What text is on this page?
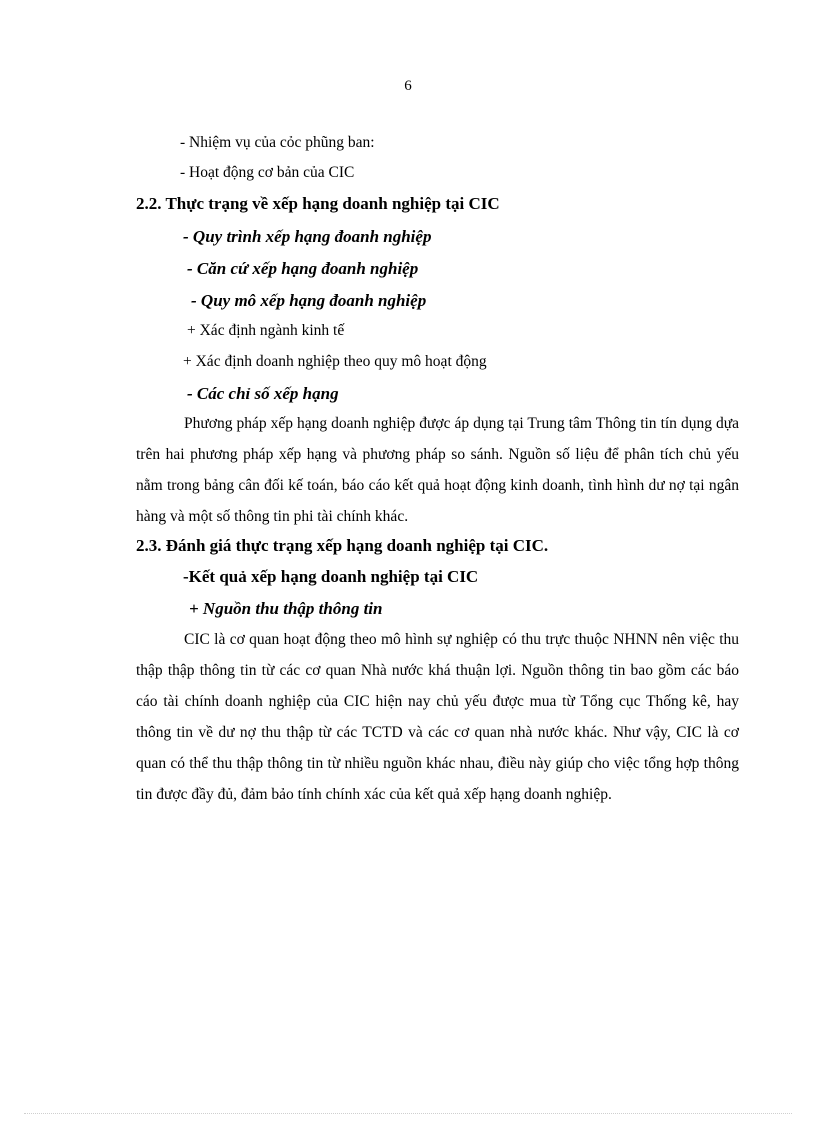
6
- Nhiệm vụ của cỏc phũng ban:
- Hoạt động cơ bản của CIC
2.2. Thực trạng về xếp hạng doanh nghiệp tại CIC
- Quy trình xếp hạng đoanh nghiệp
- Căn cứ xếp hạng đoanh nghiệp
- Quy mô xếp hạng đoanh nghiệp
+ Xác định ngành kinh tế
+ Xác định doanh nghiệp theo quy mô hoạt động
- Các chỉ số xếp hạng
Phương pháp xếp hạng doanh nghiệp được áp dụng tại Trung tâm Thông tin tín dụng dựa trên hai phương pháp xếp hạng và phương pháp so sánh. Nguồn số liệu để phân tích chủ yếu nằm trong bảng cân đối kế toán, báo cáo kết quả hoạt động kinh doanh, tình hình dư nợ tại ngân hàng và một số thông tin phi tài chính khác.
2.3. Đánh giá thực trạng xếp hạng doanh nghiệp tại CIC.
-Kết quả xếp hạng doanh nghiệp tại CIC
+ Nguồn thu thập thông tin
CIC là cơ quan hoạt động theo mô hình sự nghiệp có thu trực thuộc NHNN nên việc thu thập thập thông tin từ các cơ quan Nhà nước khá thuận lợi. Nguồn thông tin bao gồm các báo cáo tài chính doanh nghiệp của CIC hiện nay chủ yếu được mua từ Tổng cục Thống kê, hay thông tin về dư nợ thu thập từ các TCTD và các cơ quan nhà nước khác. Như vậy, CIC là cơ quan có thể thu thập thông tin từ nhiều nguồn khác nhau, điều này giúp cho việc tổng hợp thông tin được đầy đủ, đảm bảo tính chính xác của kết quả xếp hạng doanh nghiệp.
